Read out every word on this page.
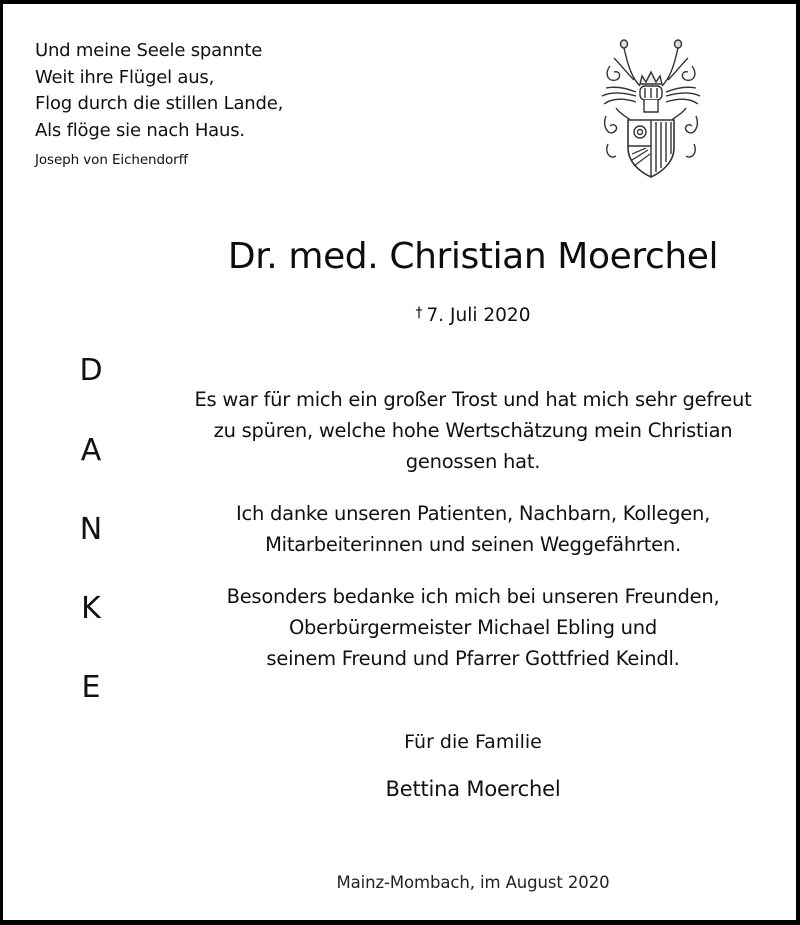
Und meine Seele spannte
Weit ihre Flügel aus,
Flog durch die stillen Lande,
Als flöge sie nach Haus.
Joseph von Eichendorff
Dr. med. Christian Moerchel
† 7. Juli 2020
D
A
N
K
E
Es war für mich ein großer Trost und hat mich sehr gefreut
zu spüren, welche hohe Wertschätzung mein Christian
genossen hat.
Ich danke unseren Patienten, Nachbarn, Kollegen,
Mitarbeiterinnen und seinen Weggefährten.
Besonders bedanke ich mich bei unseren Freunden,
Oberbürgermeister Michael Ebling und
seinem Freund und Pfarrer Gottfried Keindl.
Für die Familie
Bettina Moerchel
Mainz-Mombach, im August 2020
